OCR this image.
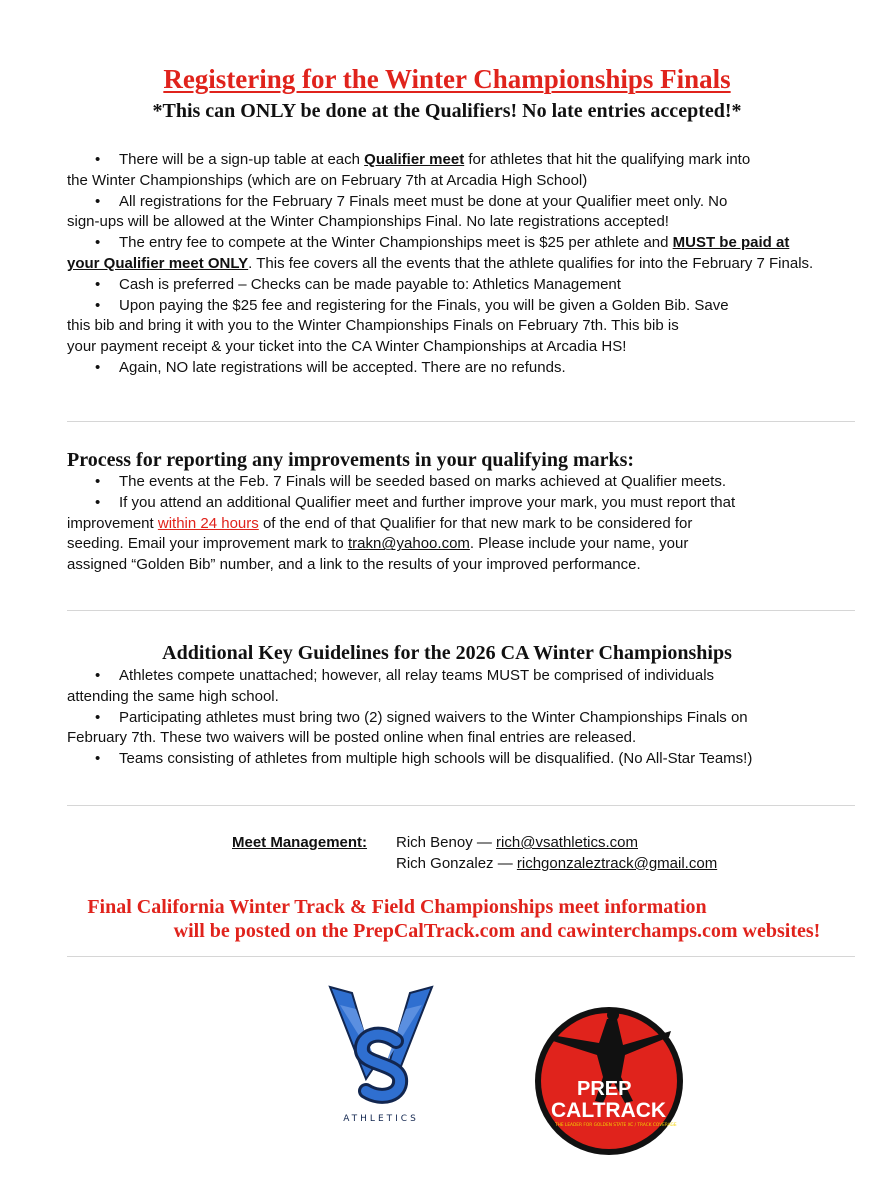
Registering for the Winter Championships Finals

*This can ONLY be done at the Qualifiers! No late entries accepted!*

• There will be a sign-up table at each Qualifier meet for athletes that hit the qualifying mark into
the Winter Championships (which are on February 7th at Arcadia High School)

• All registrations for the February 7 Finals meet must be done at your Qualifier meet only. No
sign-ups will be allowed at the Winter Championships Final. No late registrations accepted!

• The entry fee to compete at the Winter Championships meet is $25 per athlete and MUST be paid at
your Qualifier meet ONLY. This fee covers all the events that the athlete qualifies for into the February 7 Finals.

• Cash is preferred – Checks can be made payable to: Athletics Management

• Upon paying the $25 fee and registering for the Finals, you will be given a Golden Bib. Save
this bib and bring it with you to the Winter Championships Finals on February 7th. This bib is
your payment receipt & your ticket into the CA Winter Championships at Arcadia HS!

• Again, NO late registrations will be accepted. There are no refunds.

Process for reporting any improvements in your qualifying marks:

• The events at the Feb. 7 Finals will be seeded based on marks achieved at Qualifier meets.

• If you attend an additional Qualifier meet and further improve your mark, you must report that
improvement within 24 hours of the end of that Qualifier for that new mark to be considered for
seeding. Email your improvement mark to trakn@yahoo.com. Please include your name, your
assigned “Golden Bib” number, and a link to the results of your improved performance.

Additional Key Guidelines for the 2026 CA Winter Championships

• Athletes compete unattached; however, all relay teams MUST be comprised of individuals
attending the same high school.

• Participating athletes must bring two (2) signed waivers to the Winter Championships Finals on
February 7th. These two waivers will be posted online when final entries are released.

• Teams consisting of athletes from multiple high schools will be disqualified. (No All-Star Teams!)

Meet Management: Rich Benoy — rich@vsathletics.com
Rich Gonzalez — richgonzaleztrack@gmail.com

Final California Winter Track & Field Championships meet information
will be posted on the PrepCalTrack.com and cawinterchamps.com websites!

ATHLETICS
PREP
CALTRACK
THE LEADER FOR GOLDEN STATE XC / TRACK COVERAGE
